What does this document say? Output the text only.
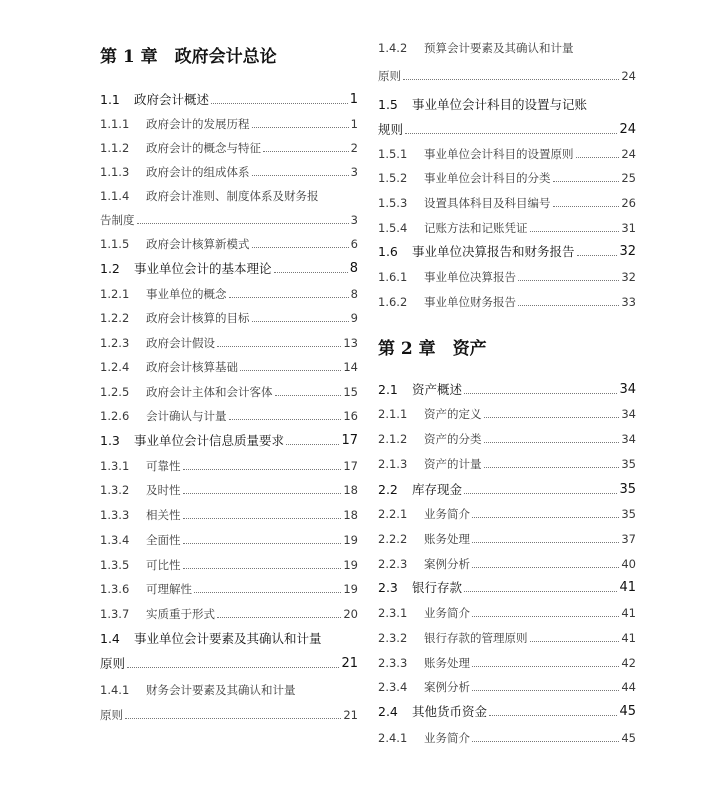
第 1 章　政府会计总论
1.1	政府会计概述	1
1.1.1	政府会计的发展历程	1
1.1.2	政府会计的概念与特征	2
1.1.3	政府会计的组成体系	3
1.1.4	政府会计准则、制度体系及财务报
告制度	3
1.1.5	政府会计核算新模式	6
1.2	事业单位会计的基本理论	8
1.2.1	事业单位的概念	8
1.2.2	政府会计核算的目标	9
1.2.3	政府会计假设	13
1.2.4	政府会计核算基础	14
1.2.5	政府会计主体和会计客体	15
1.2.6	会计确认与计量	16
1.3	事业单位会计信息质量要求	17
1.3.1	可靠性	17
1.3.2	及时性	18
1.3.3	相关性	18
1.3.4	全面性	19
1.3.5	可比性	19
1.3.6	可理解性	19
1.3.7	实质重于形式	20
1.4	事业单位会计要素及其确认和计量
原则	21
1.4.1	财务会计要素及其确认和计量
原则	21
1.4.2	预算会计要素及其确认和计量
原则	24
1.5	事业单位会计科目的设置与记账
规则	24
1.5.1	事业单位会计科目的设置原则	24
1.5.2	事业单位会计科目的分类	25
1.5.3	设置具体科目及科目编号	26
1.5.4	记账方法和记账凭证	31
1.6	事业单位决算报告和财务报告	32
1.6.1	事业单位决算报告	32
1.6.2	事业单位财务报告	33
2.1	资产概述	34
2.1.1	资产的定义	34
2.1.2	资产的分类	34
2.1.3	资产的计量	35
2.2	库存现金	35
2.2.1	业务简介	35
2.2.2	账务处理	37
2.2.3	案例分析	40
2.3	银行存款	41
2.3.1	业务简介	41
2.3.2	银行存款的管理原则	41
2.3.3	账务处理	42
2.3.4	案例分析	44
2.4	其他货币资金	45
2.4.1	业务简介	45
第 2 章　资产
